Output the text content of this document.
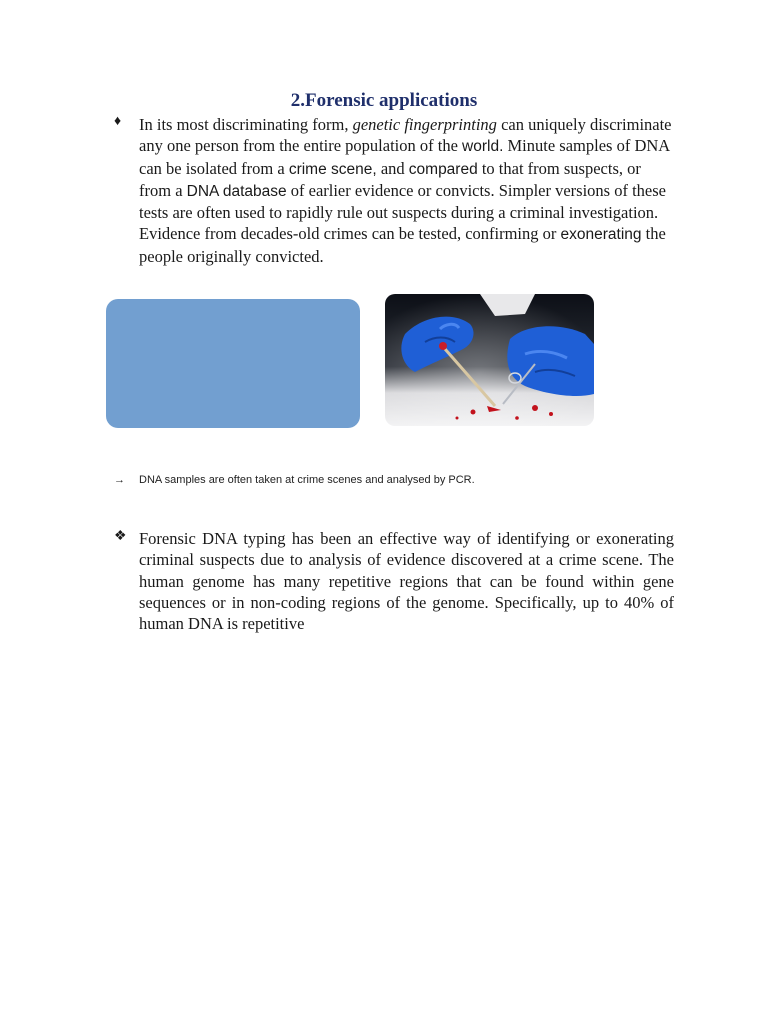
2.Forensic applications
♦	In its most discriminating form, genetic fingerprinting can uniquely discriminate any one person from the entire population of the world. Minute samples of DNA can be isolated from a crime scene, and compared to that from suspects, or from a DNA database of earlier evidence or convicts. Simpler versions of these tests are often used to rapidly rule out suspects during a criminal investigation. Evidence from decades-old crimes can be tested, confirming or exonerating the people originally convicted.
→ DNA samples are often taken at crime scenes and analysed by PCR.
❖ Forensic DNA typing has been an effective way of identifying or exonerating criminal suspects due to analysis of evidence discovered at a crime scene. The human genome has many repetitive regions that can be found within gene sequences or in non-coding regions of the genome. Specifically, up to 40% of human DNA is repetitive
